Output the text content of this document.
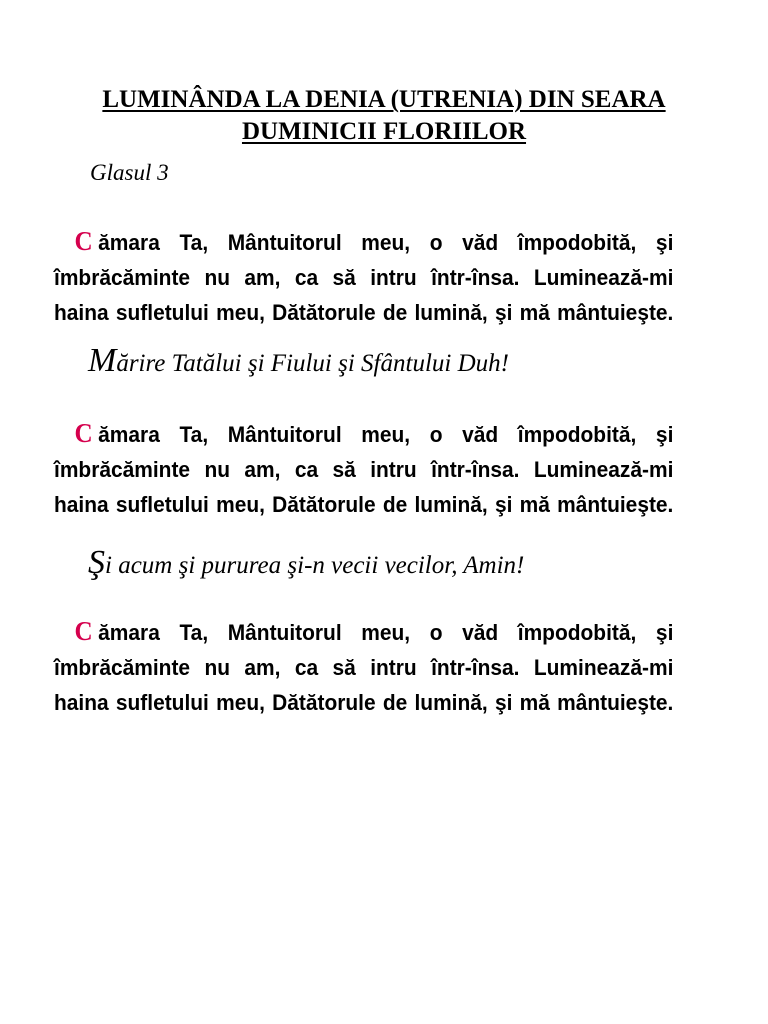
LUMINÂNDA LA DENIA (UTRENIA) DIN SEARA
DUMINICII FLORIILOR
Glasul 3
C ămara Ta, Mântuitorul meu, o văd împodobită, şi
îmbrăcăminte nu am, ca să intru într-însa. Luminează-mi
haina sufletului meu, Dătătorule de lumină, şi mă mântuieşte.
Mărire Tatălui şi Fiului şi Sfântului Duh!
C ămara Ta, Mântuitorul meu, o văd împodobită, şi
îmbrăcăminte nu am, ca să intru într-însa. Luminează-mi
haina sufletului meu, Dătătorule de lumină, şi mă mântuieşte.
Şi acum şi pururea şi-n vecii vecilor, Amin!
C ămara Ta, Mântuitorul meu, o văd împodobită, şi
îmbrăcăminte nu am, ca să intru într-însa. Luminează-mi
haina sufletului meu, Dătătorule de lumină, şi mă mântuieşte.
